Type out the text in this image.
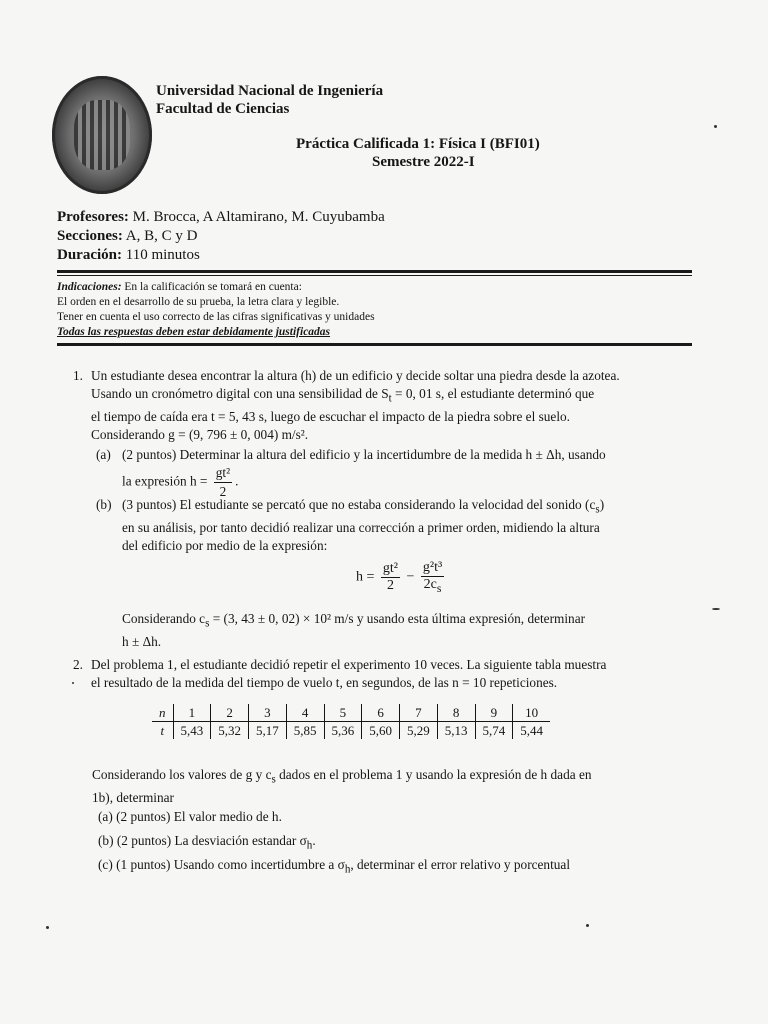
Universidad Nacional de Ingeniería
Facultad de Ciencias
Práctica Calificada 1: Física I (BFI01)
Semestre 2022-I
Profesores: M. Brocca, A Altamirano, M. Cuyubamba
Secciones: A, B, C y D
Duración: 110 minutos
Indicaciones: En la calificación se tomará en cuenta:
El orden en el desarrollo de su prueba, la letra clara y legible.
Tener en cuenta el uso correcto de las cifras significativas y unidades
Todas las respuestas deben estar debidamente justificadas
1. Un estudiante desea encontrar la altura (h) de un edificio y decide soltar una piedra desde la azotea.
Usando un cronómetro digital con una sensibilidad de $S_t = 0$, 01 s, el estudiante determinó que
el tiempo de caída era t = 5, 43 s, luego de escuchar el impacto de la piedra sobre el suelo.
Considerando g = (9, 796 ± 0, 004) m/s².
(a) (2 puntos) Determinar la altura del edificio y la incertidumbre de la medida h ± Δh, usando
la expresión $h = \frac{\text{gt²}}{2}$ .
(b) (3 puntos) El estudiante se percató que no estaba considerando la velocidad del sonido $(c_s)$
en su análisis, por tanto decidió realizar una corrección a primer orden, midiendo la altura
del edificio por medio de la expresión:
$h = \frac{\text{gt²}}{2} - \frac{\text{g²t³}}{2c_s}$
Considerando $c_s = (3$, 43 ± 0, 02) × 10² m/s y usando esta última expresión, determinar
h ± Δh.
2. Del problema 1, el estudiante decidió repetir el experimento 10 veces. La siguiente tabla muestra
el resultado de la medida del tiempo de vuelo t, en segundos, de las n = 10 repeticiones.
n	1	2	3	4	5	6	7	8	9	10
t	5,43	5,32	5,17	5,85	5,36	5,60	5,29	5,13	5,74	5,44
Considerando los valores de g y $c_s$ dados en el problema 1 y usando la expresión de h dada en
1b), determinar
(a) (2 puntos) El valor medio de h.
(b) (2 puntos) La desviación estandar $\sigma_h$.
(c) (1 puntos) Usando como incertidumbre a $\sigma_h$, determinar el error relativo y porcentual
